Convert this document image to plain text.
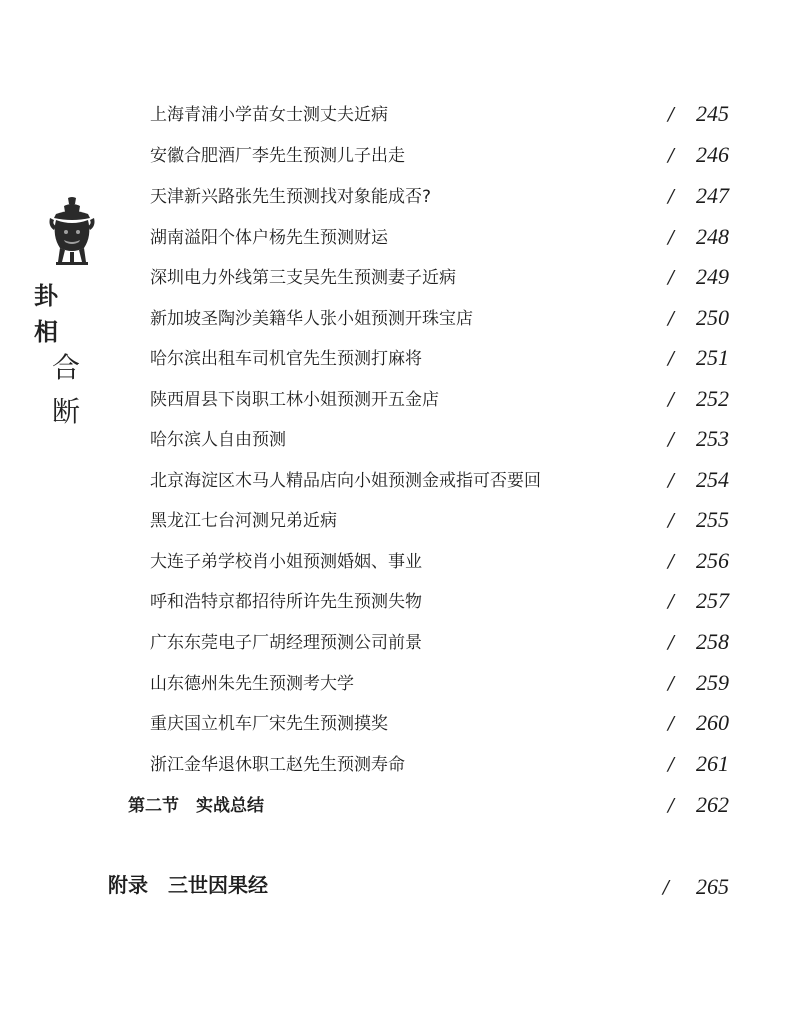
卦
相
合
断
上海青浦小学苗女士测丈夫近病	/ 245
安徽合肥酒厂李先生预测儿子出走	/ 246
天津新兴路张先生预测找对象能成否?	/ 247
湖南溢阳个体户杨先生预测财运	/ 248
深圳电力外线第三支吴先生预测妻子近病	/ 249
新加坡圣陶沙美籍华人张小姐预测开珠宝店	/ 250
哈尔滨出租车司机官先生预测打麻将	/ 251
陕西眉县下岗职工林小姐预测开五金店	/ 252
哈尔滨人自由预测	/ 253
北京海淀区木马人精品店向小姐预测金戒指可否要回	/ 254
黑龙江七台河测兄弟近病	/ 255
大连子弟学校肖小姐预测婚姻、事业	/ 256
呼和浩特京都招待所许先生预测失物	/ 257
广东东莞电子厂胡经理预测公司前景	/ 258
山东德州朱先生预测考大学	/ 259
重庆国立机车厂宋先生预测摸奖	/ 260
浙江金华退休职工赵先生预测寿命	/ 261
第二节　实战总结	/ 262
附录　三世因果经	/ 265
